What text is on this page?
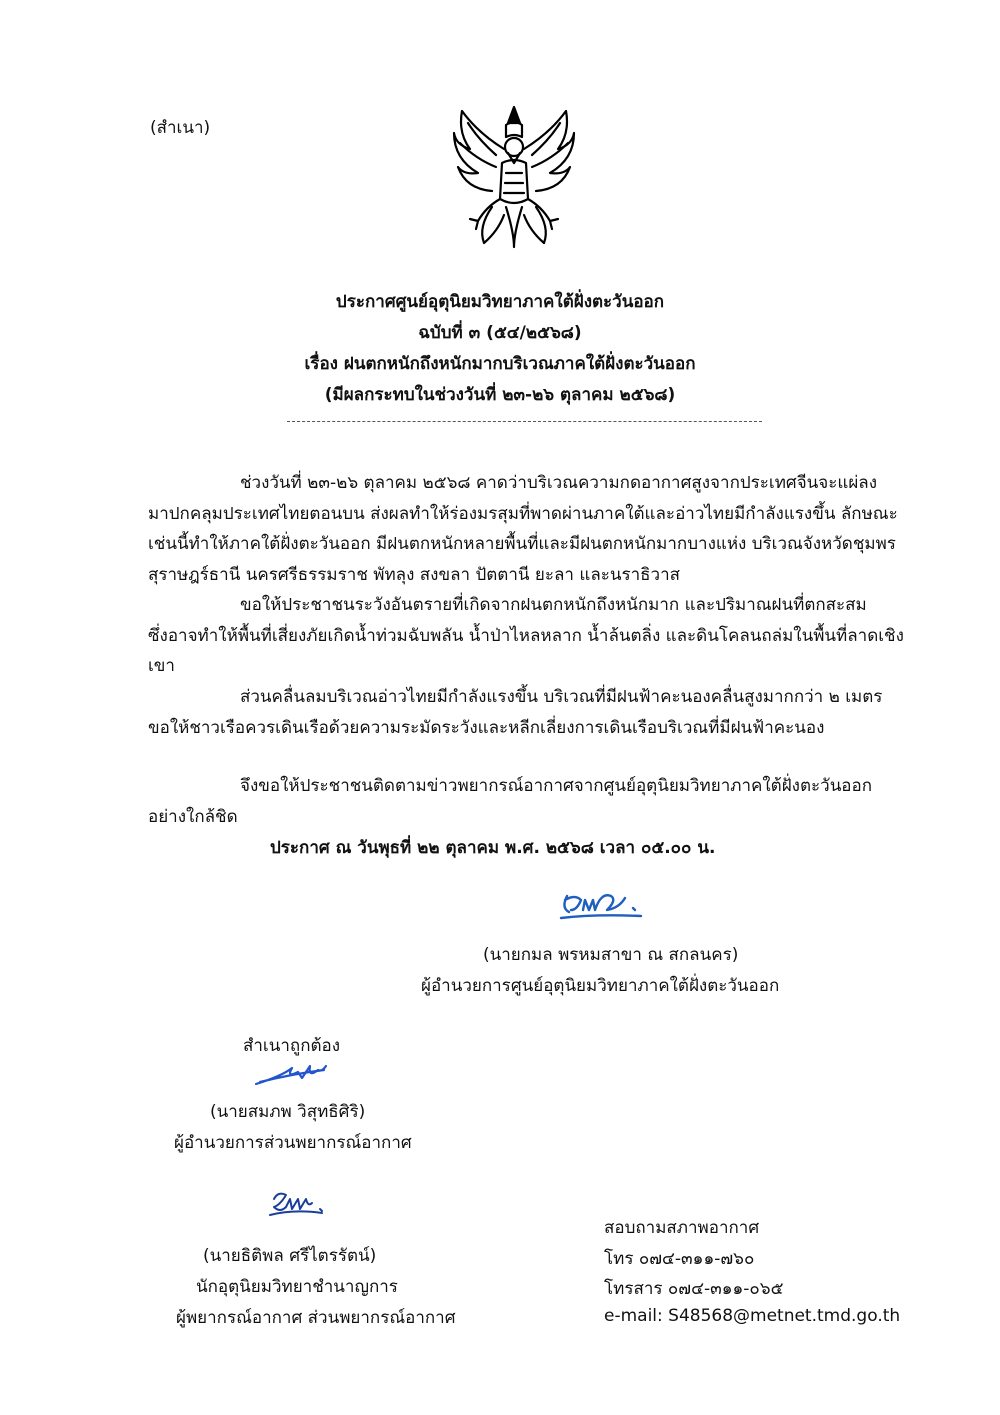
(สำเนา)
ประกาศศูนย์อุตุนิยมวิทยาภาคใต้ฝั่งตะวันออก
ฉบับที่ ๓ (๕๔/๒๕๖๘)
เรื่อง ฝนตกหนักถึงหนักมากบริเวณภาคใต้ฝั่งตะวันออก
(มีผลกระทบในช่วงวันที่ ๒๓-๒๖ ตุลาคม ๒๕๖๘)
ช่วงวันที่ ๒๓-๒๖ ตุลาคม ๒๕๖๘ คาดว่าบริเวณความกดอากาศสูงจากประเทศจีนจะแผ่ลง
มาปกคลุมประเทศไทยตอนบน ส่งผลทำให้ร่องมรสุมที่พาดผ่านภาคใต้และอ่าวไทยมีกำลังแรงขึ้น ลักษณะ
เช่นนี้ทำให้ภาคใต้ฝั่งตะวันออก มีฝนตกหนักหลายพื้นที่และมีฝนตกหนักมากบางแห่ง บริเวณจังหวัดชุมพร
สุราษฎร์ธานี นครศรีธรรมราช พัทลุง สงขลา ปัตตานี ยะลา และนราธิวาส
ขอให้ประชาชนระวังอันตรายที่เกิดจากฝนตกหนักถึงหนักมาก และปริมาณฝนที่ตกสะสม
ซึ่งอาจทำให้พื้นที่เสี่ยงภัยเกิดน้ำท่วมฉับพลัน น้ำป่าไหลหลาก น้ำล้นตลิ่ง และดินโคลนถล่มในพื้นที่ลาดเชิง
เขา
ส่วนคลื่นลมบริเวณอ่าวไทยมีกำลังแรงขึ้น บริเวณที่มีฝนฟ้าคะนองคลื่นสูงมากกว่า ๒ เมตร
ขอให้ชาวเรือควรเดินเรือด้วยความระมัดระวังและหลีกเลี่ยงการเดินเรือบริเวณที่มีฝนฟ้าคะนอง
จึงขอให้ประชาชนติดตามข่าวพยากรณ์อากาศจากศูนย์อุตุนิยมวิทยาภาคใต้ฝั่งตะวันออก
อย่างใกล้ชิด
ประกาศ ณ วันพุธที่ ๒๒ ตุลาคม พ.ศ. ๒๕๖๘ เวลา ๐๕.๐๐ น.
(นายกมล พรหมสาขา ณ สกลนคร)
ผู้อำนวยการศูนย์อุตุนิยมวิทยาภาคใต้ฝั่งตะวันออก
สำเนาถูกต้อง
(นายสมภพ วิสุทธิศิริ)
ผู้อำนวยการส่วนพยากรณ์อากาศ
(นายธิติพล ศรีไตรรัตน์)
นักอุตุนิยมวิทยาชำนาญการ
ผู้พยากรณ์อากาศ ส่วนพยากรณ์อากาศ
สอบถามสภาพอากาศ
โทร ๐๗๔-๓๑๑-๗๖๐
โทรสาร ๐๗๔-๓๑๑-๐๖๕
e-mail: S48568@metnet.tmd.go.th
